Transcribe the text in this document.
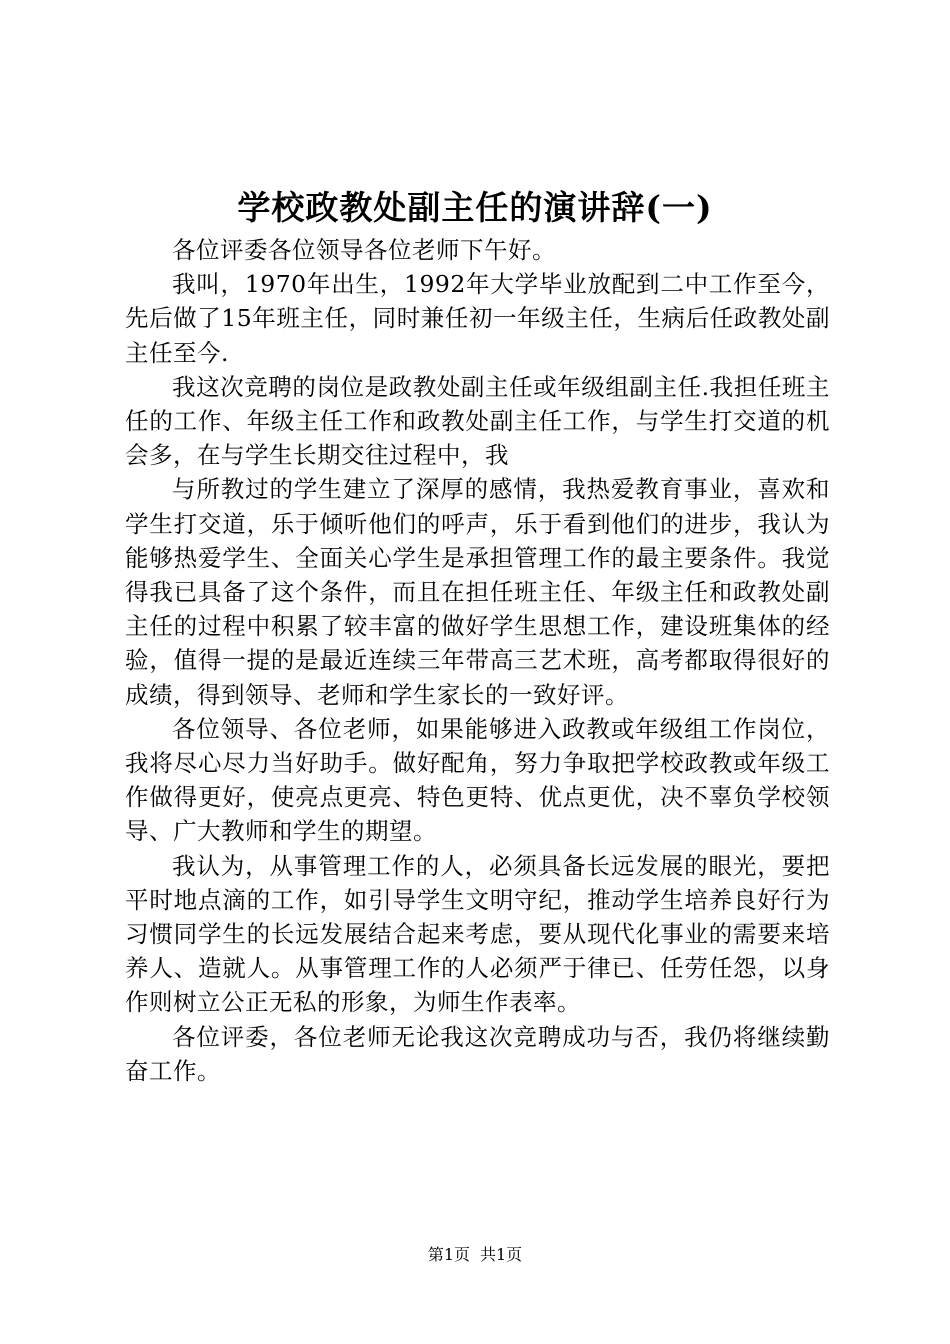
学校政教处副主任的演讲辞(一)

各位评委各位领导各位老师下午好。

我叫，1970年出生，1992年大学毕业放配到二中工作至今，先后做了15年班主任，同时兼任初一年级主任，生病后任政教处副主任至今.

我这次竞聘的岗位是政教处副主任或年级组副主任.我担任班主任的工作、年级主任工作和政教处副主任工作，与学生打交道的机会多，在与学生长期交往过程中，我

与所教过的学生建立了深厚的感情，我热爱教育事业，喜欢和学生打交道，乐于倾听他们的呼声，乐于看到他们的进步，我认为能够热爱学生、全面关心学生是承担管理工作的最主要条件。我觉得我已具备了这个条件，而且在担任班主任、年级主任和政教处副主任的过程中积累了较丰富的做好学生思想工作，建设班集体的经验，值得一提的是最近连续三年带高三艺术班，高考都取得很好的成绩，得到领导、老师和学生家长的一致好评。

各位领导、各位老师，如果能够进入政教或年级组工作岗位，我将尽心尽力当好助手。做好配角，努力争取把学校政教或年级工作做得更好，使亮点更亮、特色更特、优点更优，决不辜负学校领导、广大教师和学生的期望。

我认为，从事管理工作的人，必须具备长远发展的眼光，要把平时地点滴的工作，如引导学生文明守纪，推动学生培养良好行为习惯同学生的长远发展结合起来考虑，要从现代化事业的需要来培养人、造就人。从事管理工作的人必须严于律已、任劳任怨，以身作则树立公正无私的形象，为师生作表率。

各位评委，各位老师无论我这次竞聘成功与否，我仍将继续勤奋工作。

第1页 共1页
